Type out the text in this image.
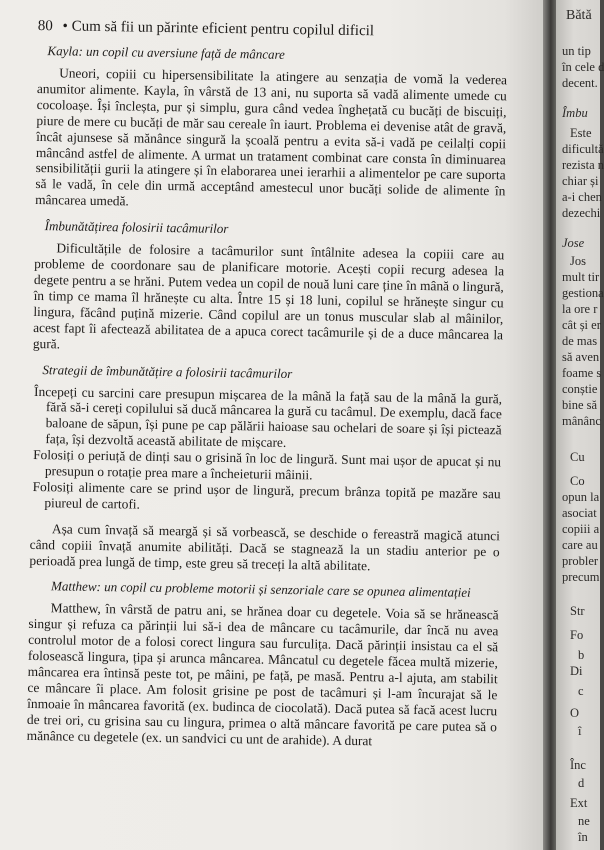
80 • Cum să fii un părinte eficient pentru copilul dificil
Kayla: un copil cu aversiune față de mâncare

Uneori, copiii cu hipersensibilitate la atingere au senzația de vomă la vederea anumitor alimente. Kayla, în vârstă de 13 ani, nu suporta să vadă alimente umede cu cocoloașe. Își încleșta, pur și simplu, gura când vedea înghețată cu bucăți de biscuiți, piure de mere cu bucăți de măr sau cereale în iaurt. Problema ei devenise atât de gravă, încât ajunsese să mănânce singură la școală pentru a evita să-i vadă pe ceilalți copii mâncând astfel de alimente. A urmat un tratament combinat care consta în diminuarea sensibilității gurii la atingere și în elaborarea unei ierarhii a alimentelor pe care suporta să le vadă, în cele din urmă acceptând amestecul unor bucăți solide de alimente în mâncarea umedă.

Îmbunătățirea folosirii tacâmurilor

Dificultățile de folosire a tacâmurilor sunt întâlnite adesea la copiii care au probleme de coordonare sau de planificare motorie. Acești copii recurg adesea la degete pentru a se hrăni. Putem vedea un copil de nouă luni care ține în mână o lingură, în timp ce mama îl hrănește cu alta. Între 15 și 18 luni, copilul se hrănește singur cu lingura, făcând puțină mizerie. Când copilul are un tonus muscular slab al mâinilor, acest fapt îi afectează abilitatea de a apuca corect tacâmurile și de a duce mâncarea la gură.

Strategii de îmbunătățire a folosirii tacâmurilor
Începeți cu sarcini care presupun mișcarea de la mână la față sau de la mână la gură, fără să-i cereți copilului să ducă mâncarea la gură cu tacâmul. De exemplu, dacă face baloane de săpun, își pune pe cap pălării haioase sau ochelari de soare și își pictează fața, își dezvoltă această abilitate de mișcare.
Folosiți o periuță de dinți sau o grisină în loc de lingură. Sunt mai ușor de apucat și nu presupun o rotație prea mare a încheieturii mâinii.
Folosiți alimente care se prind ușor de lingură, precum brânza topită pe mazăre sau piureul de cartofi.

Așa cum învață să meargă și să vorbească, se deschide o fereastră magică atunci când copiii învață anumite abilități. Dacă se stagnează la un stadiu anterior pe o perioadă prea lungă de timp, este greu să treceți la altă abilitate.

Matthew: un copil cu probleme motorii și senzoriale care se opunea alimentației

Matthew, în vârstă de patru ani, se hrănea doar cu degetele. Voia să se hrănească singur și refuza ca părinții lui să-i dea de mâncare cu tacâmurile, dar încă nu avea controlul motor de a folosi corect lingura sau furculița. Dacă părinții insistau ca el să folosească lingura, țipa și arunca mâncarea. Mâncatul cu degetele făcea multă mizerie, mâncarea era întinsă peste tot, pe mâini, pe față, pe masă. Pentru a-l ajuta, am stabilit ce mâncare îi place. Am folosit grisine pe post de tacâmuri și l-am încurajat să le înmoaie în mâncarea favorită (ex. budinca de ciocolată). Dacă putea să facă acest lucru de trei ori, cu grisina sau cu lingura, primea o altă mâncare favorită pe care putea să o mănânce cu degetele (ex. un sandvici cu unt de arahide). A durat

Bătă
un tip
în cele d
decent.
Îmbu
Este
dificultă
rezista n
chiar și
a-i chen
dezechi
Jose
Jos
mult tir
gestiona
la ore r
cât și er
de mas
să aven
foame s
conștie
bine să
mânânc
Cu
Co
opun la
asociat
copiii a
care au
probler
precum
Str
Fo
b
Di
c
O
î
Înc
d
Ext
ne
în
